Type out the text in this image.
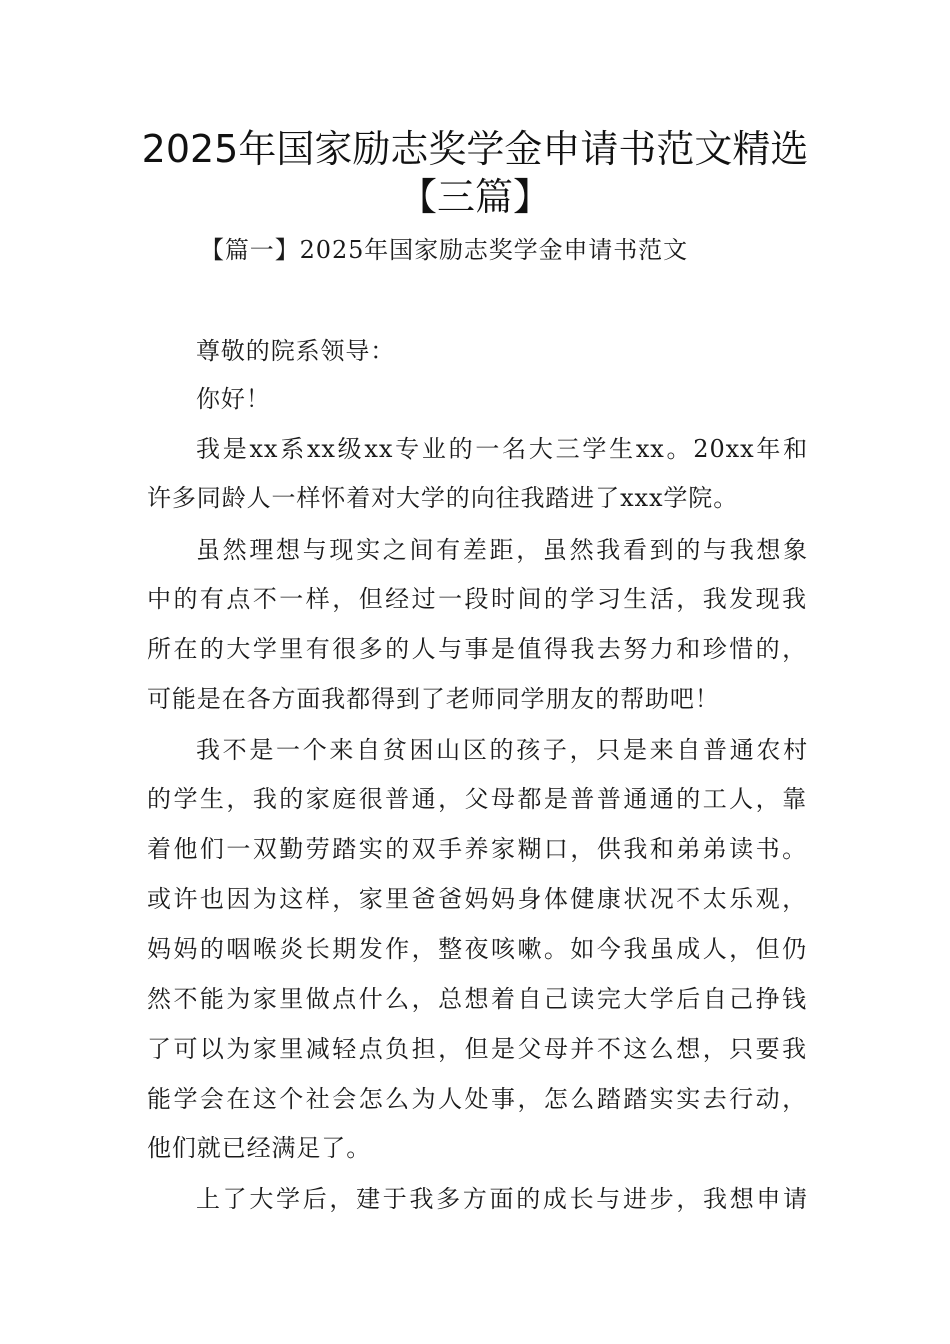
2025年国家励志奖学金申请书范文精选
【三篇】
【篇一】2025年国家励志奖学金申请书范文
尊敬的院系领导：
你好！
我是xx系xx级xx专业的一名大三学生xx。20xx年和
许多同龄人一样怀着对大学的向往我踏进了xxx学院。
虽然理想与现实之间有差距，虽然我看到的与我想象
中的有点不一样，但经过一段时间的学习生活，我发现我
所在的大学里有很多的人与事是值得我去努力和珍惜的，
可能是在各方面我都得到了老师同学朋友的帮助吧！
我不是一个来自贫困山区的孩子，只是来自普通农村
的学生，我的家庭很普通，父母都是普普通通的工人，靠
着他们一双勤劳踏实的双手养家糊口，供我和弟弟读书。
或许也因为这样，家里爸爸妈妈身体健康状况不太乐观，
妈妈的咽喉炎长期发作，整夜咳嗽。如今我虽成人，但仍
然不能为家里做点什么，总想着自己读完大学后自己挣钱
了可以为家里减轻点负担，但是父母并不这么想，只要我
能学会在这个社会怎么为人处事，怎么踏踏实实去行动，
他们就已经满足了。
上了大学后，建于我多方面的成长与进步，我想申请
